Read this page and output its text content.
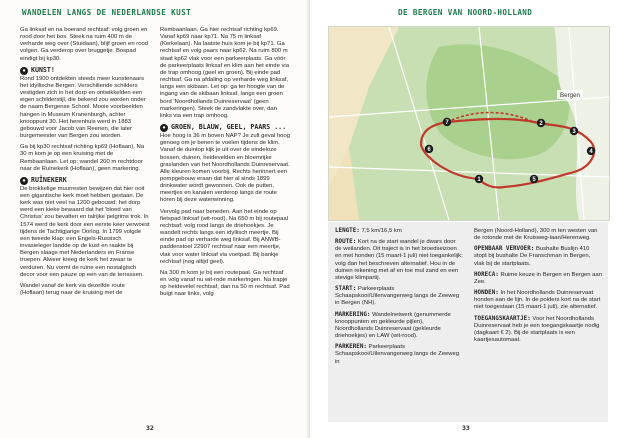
WANDELEN LANGS DE NEDERLANDSE KUST

Ga linksaf en na boerand rechtsaf: volg groen en rood door het bos. Steek na ruim 400 m de verharde weg over (Stuidaan), blijf groen en rood volgen. Ga verderop over bruggetje. Bospad eindigt bij kp30.

● KUNST!

Rond 1900 ontdekten steeds meer kunstenaars het idyllische Bergen. Verschillende schilders vestigden zich in het dorp en ontwikkelden een eigen schilderstijl, die bekend zou worden onder de naam Bergense School. Mooie voorbeelden hangen in Museum Kranenburgh, achter knooppunt 30. Het herenhuis werd in 1883 gebouwd voor Jacob van Reenen, die later burgemeester van Bergen zou worden.

Ga bij kp30 rechtsaf richting kp69 (Hoflaan). Na 30 m kom je op een kruising met de Rembaanlaan. Let op: wandel 200 m rechtdoor naar de Ruïnekerk (Hoflaan), geen markering.

● RUÏNEKERK

De brokkelige muurresten bewijzen dat hier ooit een gigantische kerk moet hebben gestaan. De kerk was niet veel na 1200 gebouwd; het dorp werd een kieke bewaard dat het 'bloed van Christus' zou bevatten en talrijke pelgrims trok. In 1574 werd de kerk door een eerste keer verwoest tijdens de Tachtigjarige Oorlog. In 1799 volgde een tweede klap: een Engels-Russisch invasieleger landde op de kust en raakte bij Bergen slaags met Nederlanders en Franse troepen. Alweer kreeg de kerk het zwaar te verduren. Nu vormt de ruïne een nostalgisch decor voor een pauze op een van de terrassen.

Wandel vanaf de kerk via dezelfde route (Hoflaan) terug naar de kruising met de

Rembaanlaan. Ga hier rechtsaf richting kp69. Vanaf kp69 naar kp71. Na 75 m linksaf (Kerkelaan). Na laatste huis kom je bij kp71. Ga rechtsaf en volg paars naar kp62. Na ruim 800 m staat kp62 vlak voor een parkeerplaats. Ga vóór de parkeerplaats linksaf en klim aan het einde via de trap omhoog (geel en groen). Bij einde pad rechtsaf. Ga na afdaling op verharde weg linksaf, langs een skibaan. Let op: ga ter hoogte van de ingang van de skibaan linksaf, langs een groen bord 'Noordhollands Duinreservaat' (geen markeringen). Steek de zandvlakte over, dan links via een trap omhoog.

● GROEN, BLAUW, GEEL, PAARS ...

Hoe hoog is 36 m boven NAP? Je zult geval hoog genoeg om je benen te voelen tijdens de klim. Vanaf de duintop kijk je uit over de eindeloze bossen, duinen, heidevelden en bloemrijke graslanden van het Noordhollands Duinreservaat. Alle kleuren komen voorbij. Rechts herinnert een pompgebouw eraan dat hier al sinds 1899 drinkwater wordt gewonnen. Ook de putten, meertjes en kanalen verderop langs de route horen bij deze waterwinning.

Vervolg pad naar beneden. Aan het einde op fietspad linksaf (wit-rood). Na 650 m bij routepaal rechtsaf: volg rood langs de driehoekjes. Je wandelt rechts langs een idyllisch meertje. Bij einde pad op verharde weg linksaf. Bij ANWB-paddenstoel 22907 rechtsaf naar een meertje, vlak voor water linksaf via voetpad. Bij bankje rechtsaf (nog altijd geel).

Na 300 m kom je bij een routepaal. Ga rechtsaf en volg vanaf nu wit-rode markeringen. Na trapje op heidevelel rechtsaf, dan na 50 m rechtsaf. Pad buigt naar links, volg

32
DE BERGEN VAN NOORD-HOLLAND
1
2
3
4
5
6
7
Bergen

LENGTE: 7,5 km/16,5 km

ROUTE: Kort na de start wandel je dwars door de weilanden. Dit traject is in het broedseizoen en met honden (15 maart-1 juli) niet toegankelijk; volg dan het beschreven alternatief. Hou in de duinen rekening met af en toe mul zand en een stevige klimpartij.

START: Parkeerplaats Schaapskooi/Uilenvangerweg langs de Zeeweg in Bergen (NH).

MARKERING: Wandelnetwerk (genummerde knooppunten en gekleurde pijlen), Noordhollands Duinreservaat (gekleurde driehoekjes) en LAW (wit-rood).

PARKEREN: Parkeerplaats Schaapskooi/Uilenvangerweg langs de Zeeweg in

Bergen (Noord-Holland), 300 m ten westen van de rotonde met de Kruisweg-laan/Herenweg.

OPENBAAR VERVOER: Bushalte Buslijn 410 stopt bij bushalte De Franschman in Bergen, vlak bij de startplaats.

HORECA: Ruime keuze in Bergen en Bergen aan Zee.

HONDEN: In het Noordhollands Duinreservaat honden aan de lijn. In de polders kort na de start niet toegestaan (15 maart-1 juli), zie alternatief.

TOEGANGSKAARTJE: Voor het Noordhollands Duinreservaat heb je een toegangskaartje nodig (dagkaart € 2). Bij de startplaats is een kaartjesautomaat.

33
